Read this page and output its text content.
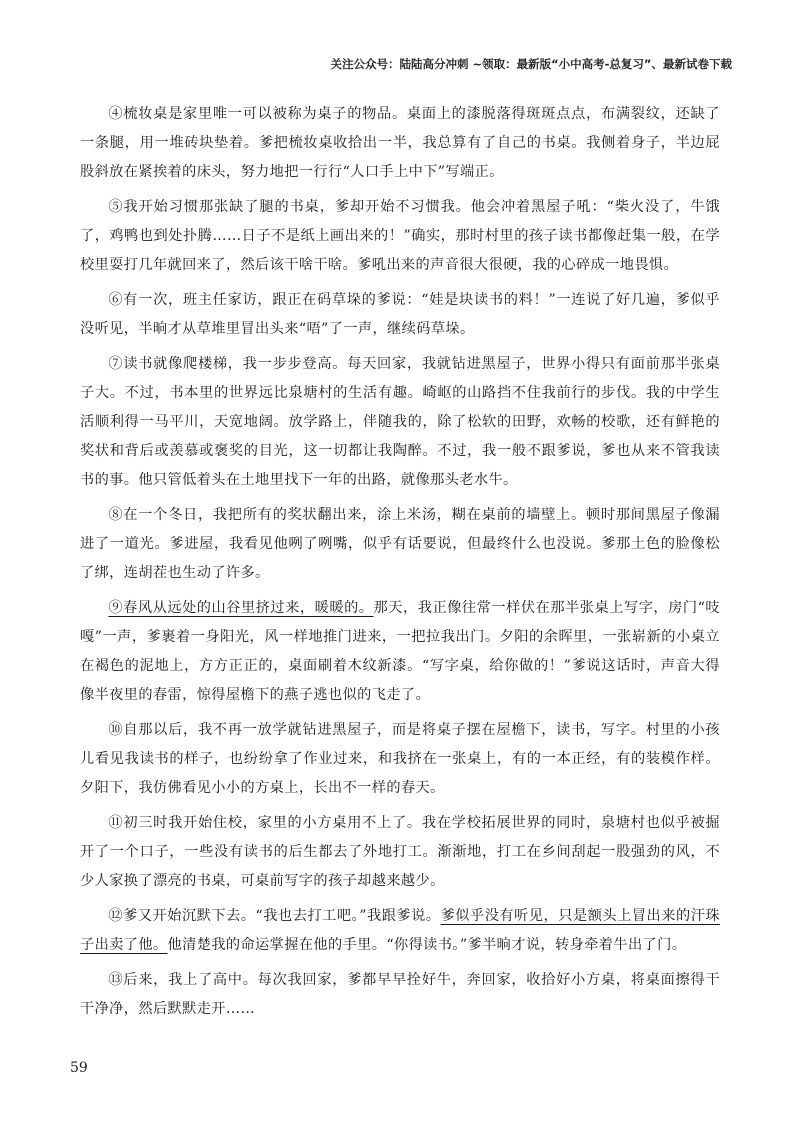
关注公众号：陆陆高分冲刺 ~领取：最新版“小中高考-总复习”、最新试卷下载

④梳妆桌是家里唯一可以被称为桌子的物品。桌面上的漆脱落得斑斑点点，布满裂纹，还缺了一条腿，用一堆砖块垫着。爹把梳妆桌收拾出一半，我总算有了自己的书桌。我侧着身子，半边屁股斜放在紧挨着的床头，努力地把一行行“人口手上中下”写端正。

⑤我开始习惯那张缺了腿的书桌，爹却开始不习惯我。他会冲着黑屋子吼：“柴火没了，牛饿了，鸡鸭也到处扑腾……日子不是纸上画出来的！”确实，那时村里的孩子读书都像赶集一般，在学校里耍打几年就回来了，然后该干啥干啥。爹吼出来的声音很大很硬，我的心碎成一地畏惧。

⑥有一次，班主任家访，跟正在码草垛的爹说：“娃是块读书的料！”一连说了好几遍，爹似乎没听见，半晌才从草堆里冒出头来“唔”了一声，继续码草垛。

⑦读书就像爬楼梯，我一步步登高。每天回家，我就钻进黑屋子，世界小得只有面前那半张桌子大。不过，书本里的世界远比泉塘村的生活有趣。崎岖的山路挡不住我前行的步伐。我的中学生活顺利得一马平川，天宽地阔。放学路上，伴随我的，除了松软的田野，欢畅的校歌，还有鲜艳的奖状和背后或羡慕或褒奖的目光，这一切都让我陶醉。不过，我一般不跟爹说，爹也从来不管我读书的事。他只管低着头在土地里找下一年的出路，就像那头老水牛。

⑧在一个冬日，我把所有的奖状翻出来，涂上米汤，糊在桌前的墙壁上。顿时那间黑屋子像漏进了一道光。爹进屋，我看见他咧了咧嘴，似乎有话要说，但最终什么也没说。爹那土色的脸像松了绑，连胡茬也生动了许多。

⑨春风从远处的山谷里挤过来，暖暖的。那天，我正像往常一样伏在那半张桌上写字，房门“吱嘎”一声，爹裹着一身阳光，风一样地推门进来，一把拉我出门。夕阳的余晖里，一张崭新的小桌立在褐色的泥地上，方方正正的，桌面刷着木纹新漆。“写字桌，给你做的！”爹说这话时，声音大得像半夜里的春雷，惊得屋檐下的燕子逃也似的飞走了。

⑩自那以后，我不再一放学就钻进黑屋子，而是将桌子摆在屋檐下，读书，写字。村里的小孩儿看见我读书的样子，也纷纷拿了作业过来，和我挤在一张桌上，有的一本正经，有的装模作样。夕阳下，我仿佛看见小小的方桌上，长出不一样的春天。

⑪初三时我开始住校，家里的小方桌用不上了。我在学校拓展世界的同时，泉塘村也似乎被掘开了一个口子，一些没有读书的后生都去了外地打工。渐渐地，打工在乡间刮起一股强劲的风，不少人家换了漂亮的书桌，可桌前写字的孩子却越来越少。

⑫爹又开始沉默下去。“我也去打工吧。”我跟爹说。爹似乎没有听见，只是额头上冒出来的汗珠子出卖了他。他清楚我的命运掌握在他的手里。“你得读书。”爹半晌才说，转身牵着牛出了门。

⑬后来，我上了高中。每次我回家，爹都早早拴好牛，奔回家，收拾好小方桌，将桌面擦得干干净净，然后默默走开……

59
